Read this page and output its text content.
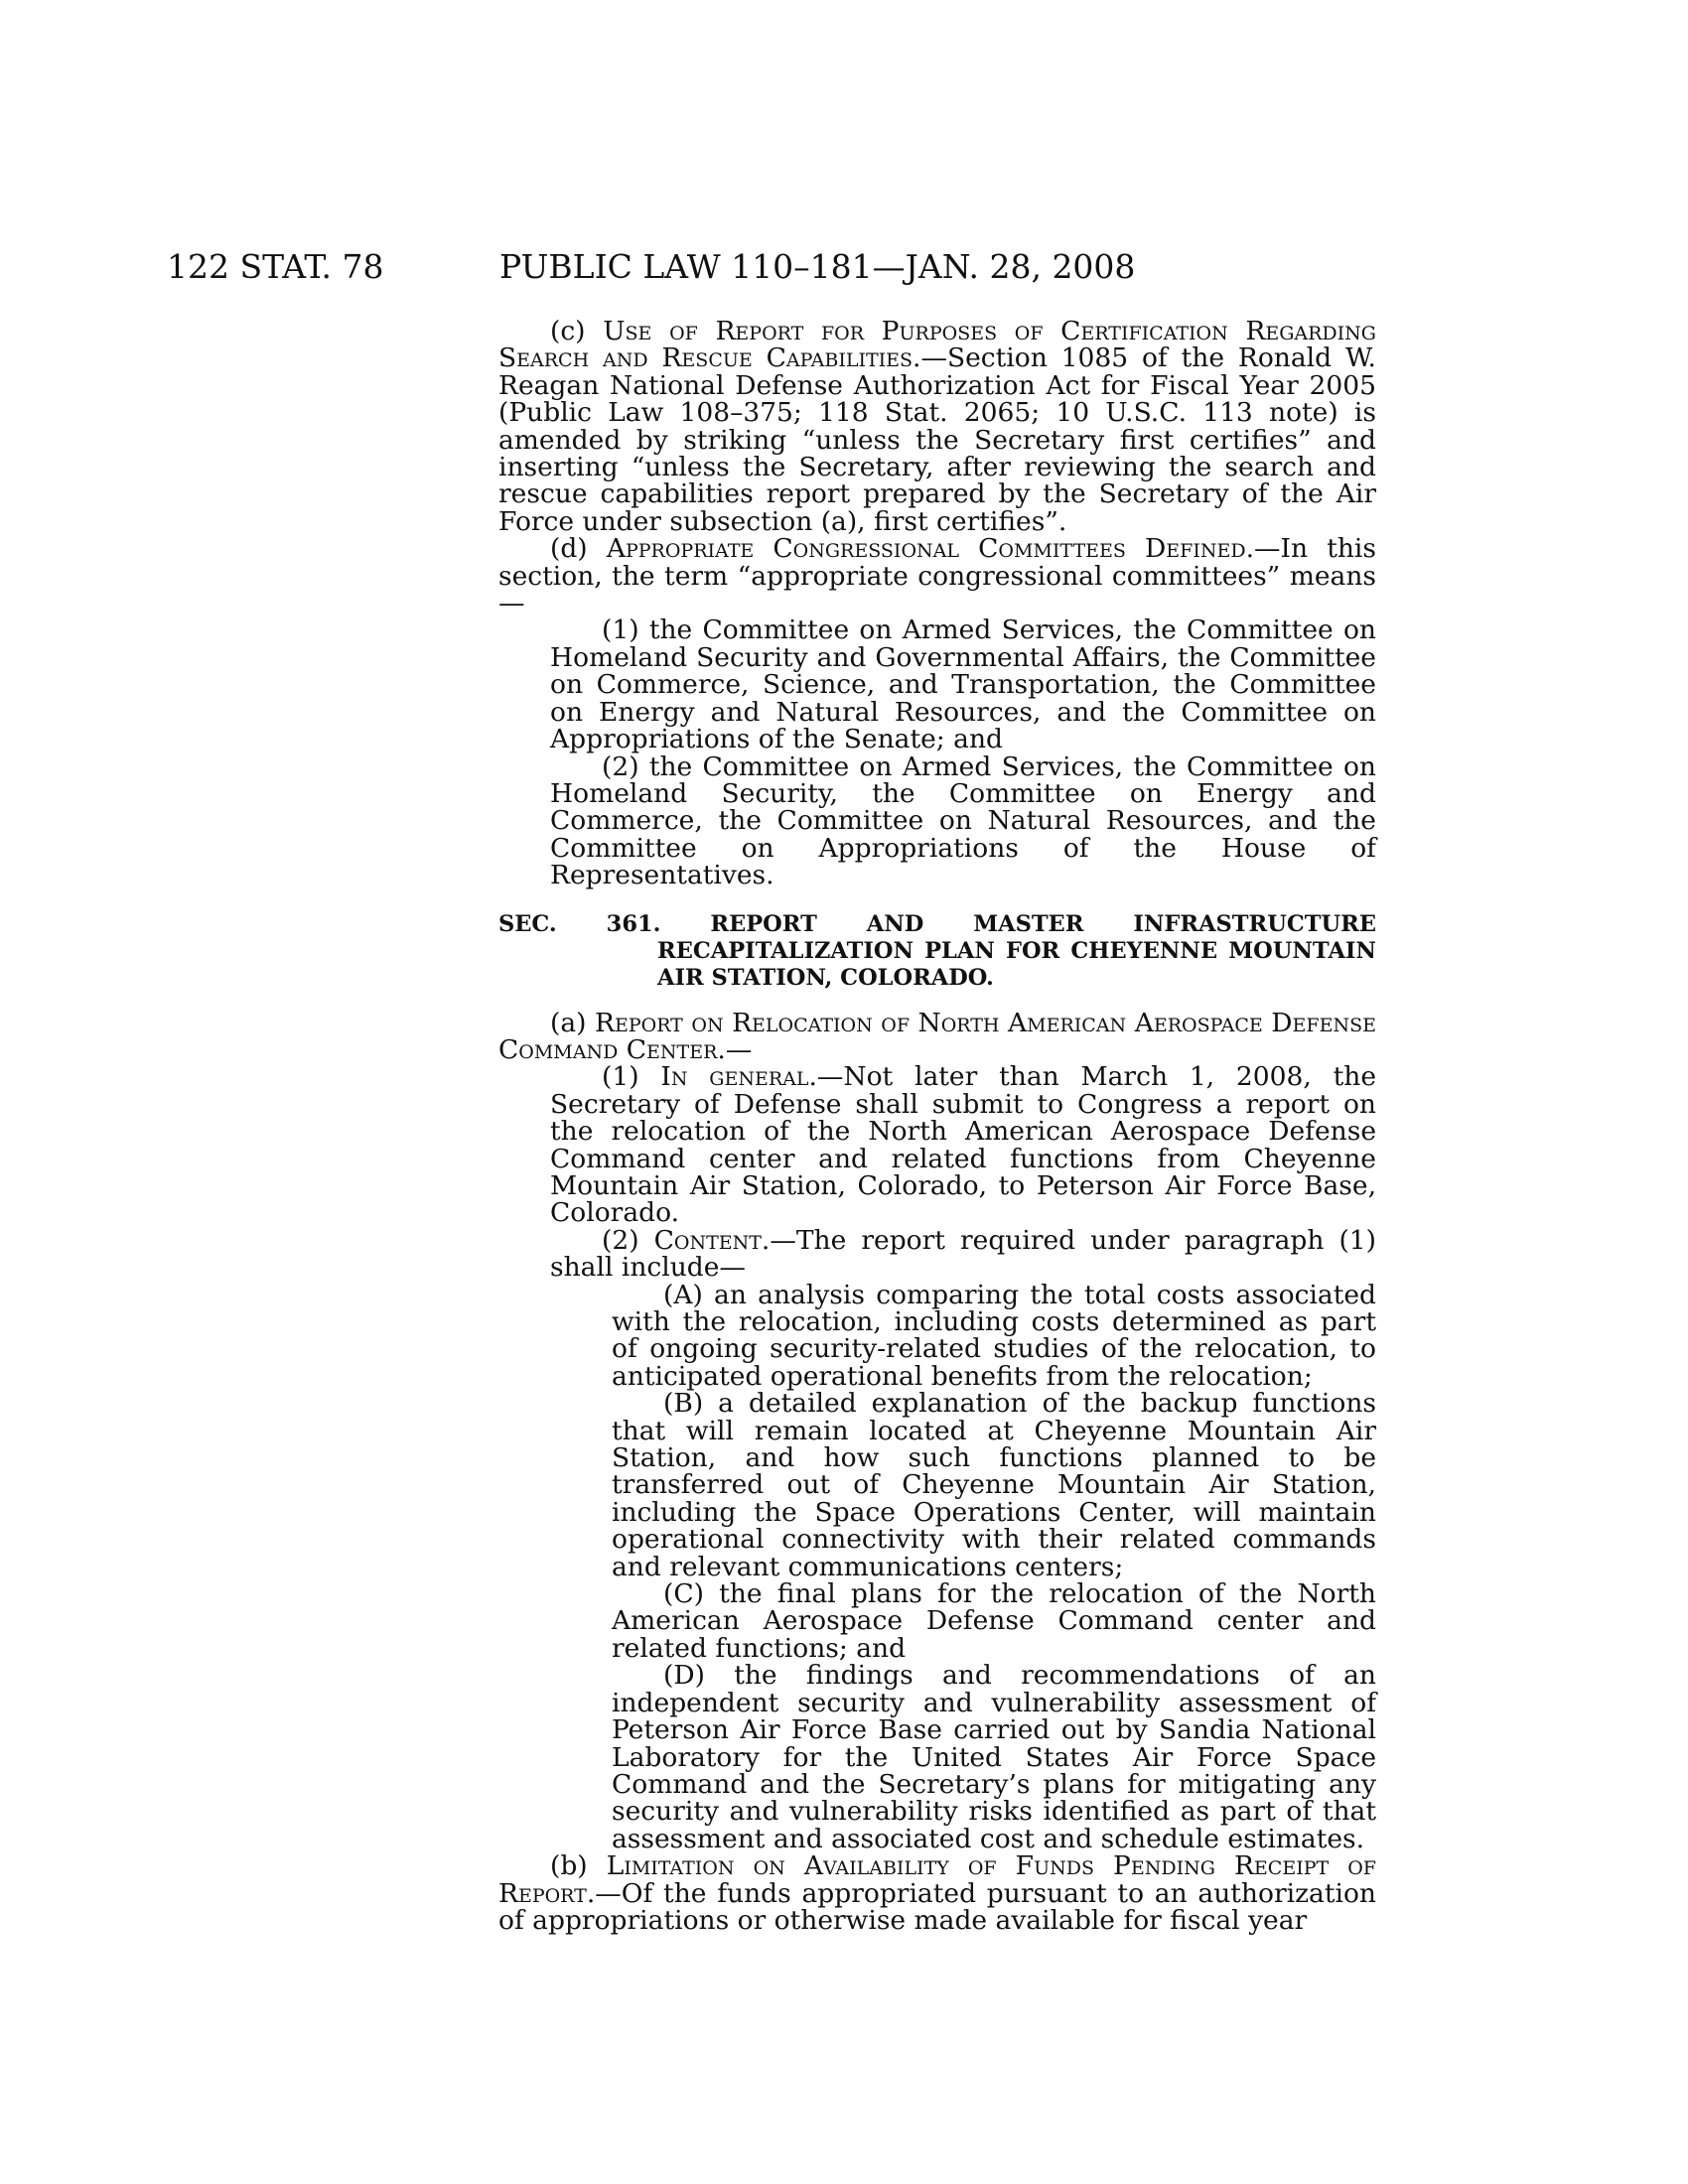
122 STAT. 78	PUBLIC LAW 110–181—JAN. 28, 2008

(c) Use of Report for Purposes of Certification Regarding Search and Rescue Capabilities.—Section 1085 of the Ronald W. Reagan National Defense Authorization Act for Fiscal Year 2005 (Public Law 108–375; 118 Stat. 2065; 10 U.S.C. 113 note) is amended by striking “unless the Secretary first certifies” and inserting “unless the Secretary, after reviewing the search and rescue capabilities report prepared by the Secretary of the Air Force under subsection (a), first certifies”.

(d) Appropriate Congressional Committees Defined.—In this section, the term “appropriate congressional committees” means—

(1) the Committee on Armed Services, the Committee on Homeland Security and Governmental Affairs, the Committee on Commerce, Science, and Transportation, the Committee on Energy and Natural Resources, and the Committee on Appropriations of the Senate; and

(2) the Committee on Armed Services, the Committee on Homeland Security, the Committee on Energy and Commerce, the Committee on Natural Resources, and the Committee on Appropriations of the House of Representatives.

SEC. 361. REPORT AND MASTER INFRASTRUCTURE RECAPITALIZATION PLAN FOR CHEYENNE MOUNTAIN AIR STATION, COLORADO.

(a) Report on Relocation of North American Aerospace Defense Command Center.—

(1) In general.—Not later than March 1, 2008, the Secretary of Defense shall submit to Congress a report on the relocation of the North American Aerospace Defense Command center and related functions from Cheyenne Mountain Air Station, Colorado, to Peterson Air Force Base, Colorado.

(2) Content.—The report required under paragraph (1) shall include—

(A) an analysis comparing the total costs associated with the relocation, including costs determined as part of ongoing security-related studies of the relocation, to anticipated operational benefits from the relocation;

(B) a detailed explanation of the backup functions that will remain located at Cheyenne Mountain Air Station, and how such functions planned to be transferred out of Cheyenne Mountain Air Station, including the Space Operations Center, will maintain operational connectivity with their related commands and relevant communications centers;

(C) the final plans for the relocation of the North American Aerospace Defense Command center and related functions; and

(D) the findings and recommendations of an independent security and vulnerability assessment of Peterson Air Force Base carried out by Sandia National Laboratory for the United States Air Force Space Command and the Secretary’s plans for mitigating any security and vulnerability risks identified as part of that assessment and associated cost and schedule estimates.

(b) Limitation on Availability of Funds Pending Receipt of Report.—Of the funds appropriated pursuant to an authorization of appropriations or otherwise made available for fiscal year
